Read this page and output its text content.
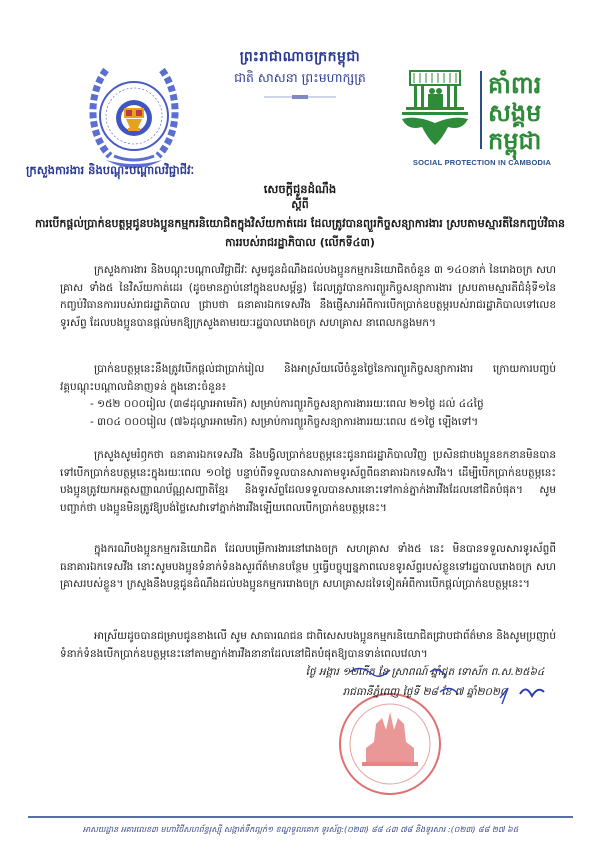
ព្រះរាជាណាចក្រកម្ពុជា
ជាតិ សាសនា ព្រះមហាក្សត្រ	គាំពារ
សង្គម
កម្ពុជា
SOCIAL PROTECTION IN CAMBODIA
ក្រសួងការងារ និងបណ្តុះបណ្តាលវិជ្ជាជីវៈ
សេចក្តីជូនដំណឹង
ស្តីពី
ការបើកផ្តល់ប្រាក់ឧបត្ថម្ភជូនបងប្អូនកម្មករនិយោជិតក្នុងវិស័យកាត់ដេរ ដែលត្រូវបានព្យួរកិច្ចសន្យាការងារ ស្របតាមស្មារតីនៃកញ្ចប់វិធានការរបស់រាជរដ្ឋាភិបាល (លើកទី៤៣)
ក្រសួងការងារ និងបណ្តុះបណ្តាលវិជ្ជាជីវៈ សូមជូនដំណឹងដល់បងប្អូនកម្មករនិយោជិតចំនួន ៣ ១៤០នាក់ នៃរោងចក្រ សហគ្រាស ទាំង៥ នៃវិស័យកាត់ដេរ (ដូចមានភ្ជាប់នៅក្នុងឧបសម្ព័ន្ធ) ដែលត្រូវបានការព្យួរកិច្ចសន្យាការងារ ស្របតាមស្មារតីជំនុំទី១នៃកញ្ចប់វិធានការរបស់រាជរដ្ឋាភិបាល ជ្រាបថា ធនាគារឯកទេសវីង នឹងផ្ញើសារអំពីការបើកប្រាក់ឧបត្ថម្ភរបស់រាជរដ្ឋាភិបាលទៅលេខទូរស័ព្ទ ដែលបងប្អូនបានផ្តល់មកឱ្យក្រសួងតាមរយៈរដ្ឋបាលរោងចក្រ សហគ្រាស នាពេលកន្លងមក។
ប្រាក់ឧបត្ថម្ភនេះនឹងត្រូវបើកផ្តល់ជាប្រាក់រៀល និងអាស្រ័យលើចំនួនថ្ងៃនៃការព្យួរកិច្ចសន្យាការងារ ក្រោយការបញ្ចប់វគ្គបណ្តុះបណ្តាលជំនាញទន់ ក្នុងនោះចំនួន៖
- ១៥២ ០០០រៀល (៣៨ដុល្លារអាមេរិក) សម្រាប់ការព្យួរកិច្ចសន្យាការងាររយៈពេល ២១ថ្ងៃ ដល់ ៤៤ថ្ងៃ
- ៣០៤ ០០០រៀល (៧៦ដុល្លារអាមេរិក) សម្រាប់ការព្យួរកិច្ចសន្យាការងាររយៈពេល ៥១ថ្ងៃ ឡើងទៅ។
ក្រសួងសូមរំឭកថា ធនាគារឯកទេសវីង នឹងបង្វិលប្រាក់ឧបត្ថម្ភនេះជូនរាជរដ្ឋាភិបាលវិញ ប្រសិនជាបងប្អូនខកខានមិនបានទៅបើកប្រាក់ឧបត្ថម្ភនេះក្នុងរយៈពេល ១០ថ្ងៃ បន្ទាប់ពីទទួលបានសារតាមទូរស័ព្ទពីធនាគារឯកទេសវីង។ ដើម្បីបើកប្រាក់ឧបត្ថម្ភនេះ បងប្អូនត្រូវយកអត្តសញ្ញាណប័ណ្ណសញ្ជាតិខ្មែរ និងទូរស័ព្ទដែលទទួលបានសារនោះទៅកាន់ភ្នាក់ងារវីងដែលនៅជិតបំផុត។ សូមបញ្ជាក់ថា បងប្អូនមិនត្រូវឱ្យបង់ថ្លៃសេវាទៅភ្នាក់ងារវីងឡើយពេលបើកប្រាក់ឧបត្ថម្ភនេះ។
ក្នុងករណីបងប្អូនកម្មករនិយោជិត ដែលបម្រើការងារនៅរោងចក្រ សហគ្រាស ទាំង៥ នេះ មិនបានទទួលសារទូរស័ព្ទពីធនាគារឯកទេសវីង នោះសូមបងប្អូនទំនាក់ទំនងសួរព័ត៌មានបន្ថែម ឬធ្វើបច្ចុប្បន្នភាពលេខទូរស័ព្ទរបស់ខ្លួនទៅរដ្ឋបាលរោងចក្រ សហគ្រាសរបស់ខ្លួន។ ក្រសួងនឹងបន្តជូនដំណឹងដល់បងប្អូនកម្មកររោងចក្រ សហគ្រាសដទៃទៀតអំពីការបើកផ្តល់ប្រាក់ឧបត្ថម្ភនេះ។
អាស្រ័យដូចបានជម្រាបជូនខាងលើ សូម សាធារណជន ជាពិសេសបងប្អូនកម្មករនិយោជិតជ្រាបជាព័ត៌មាន និងសូមប្រញាប់ទំនាក់ទំនងបើកប្រាក់ឧបត្ថម្ភនេះនៅតាមភ្នាក់ងារវីងនានាដែលនៅជិតបំផុតឱ្យបានទាន់ពេលវេលា។
ថ្ងៃ អង្គារ ១២កើត ខែ ស្រាពណ៍ ឆ្នាំជូត ទោស័ក ព.ស.២៥៦៤
រាជធានីភ្នំពេញ ថ្ងៃទី ២៨ ខែ ៧ ឆ្នាំ២០២០
អាសយដ្ឋាន អគារលេខ៣ មហាវិថីសហព័ន្ធរុស្ស៊ី សង្កាត់ទឹកល្អក់១ ខណ្ឌទួលគោក ទូរស័ព្ទ:(០២៣) ៨៨ ៤៣ ៧៨ និងទូរសារ :(០២៣) ៨៨ ២៧ ៦៥
